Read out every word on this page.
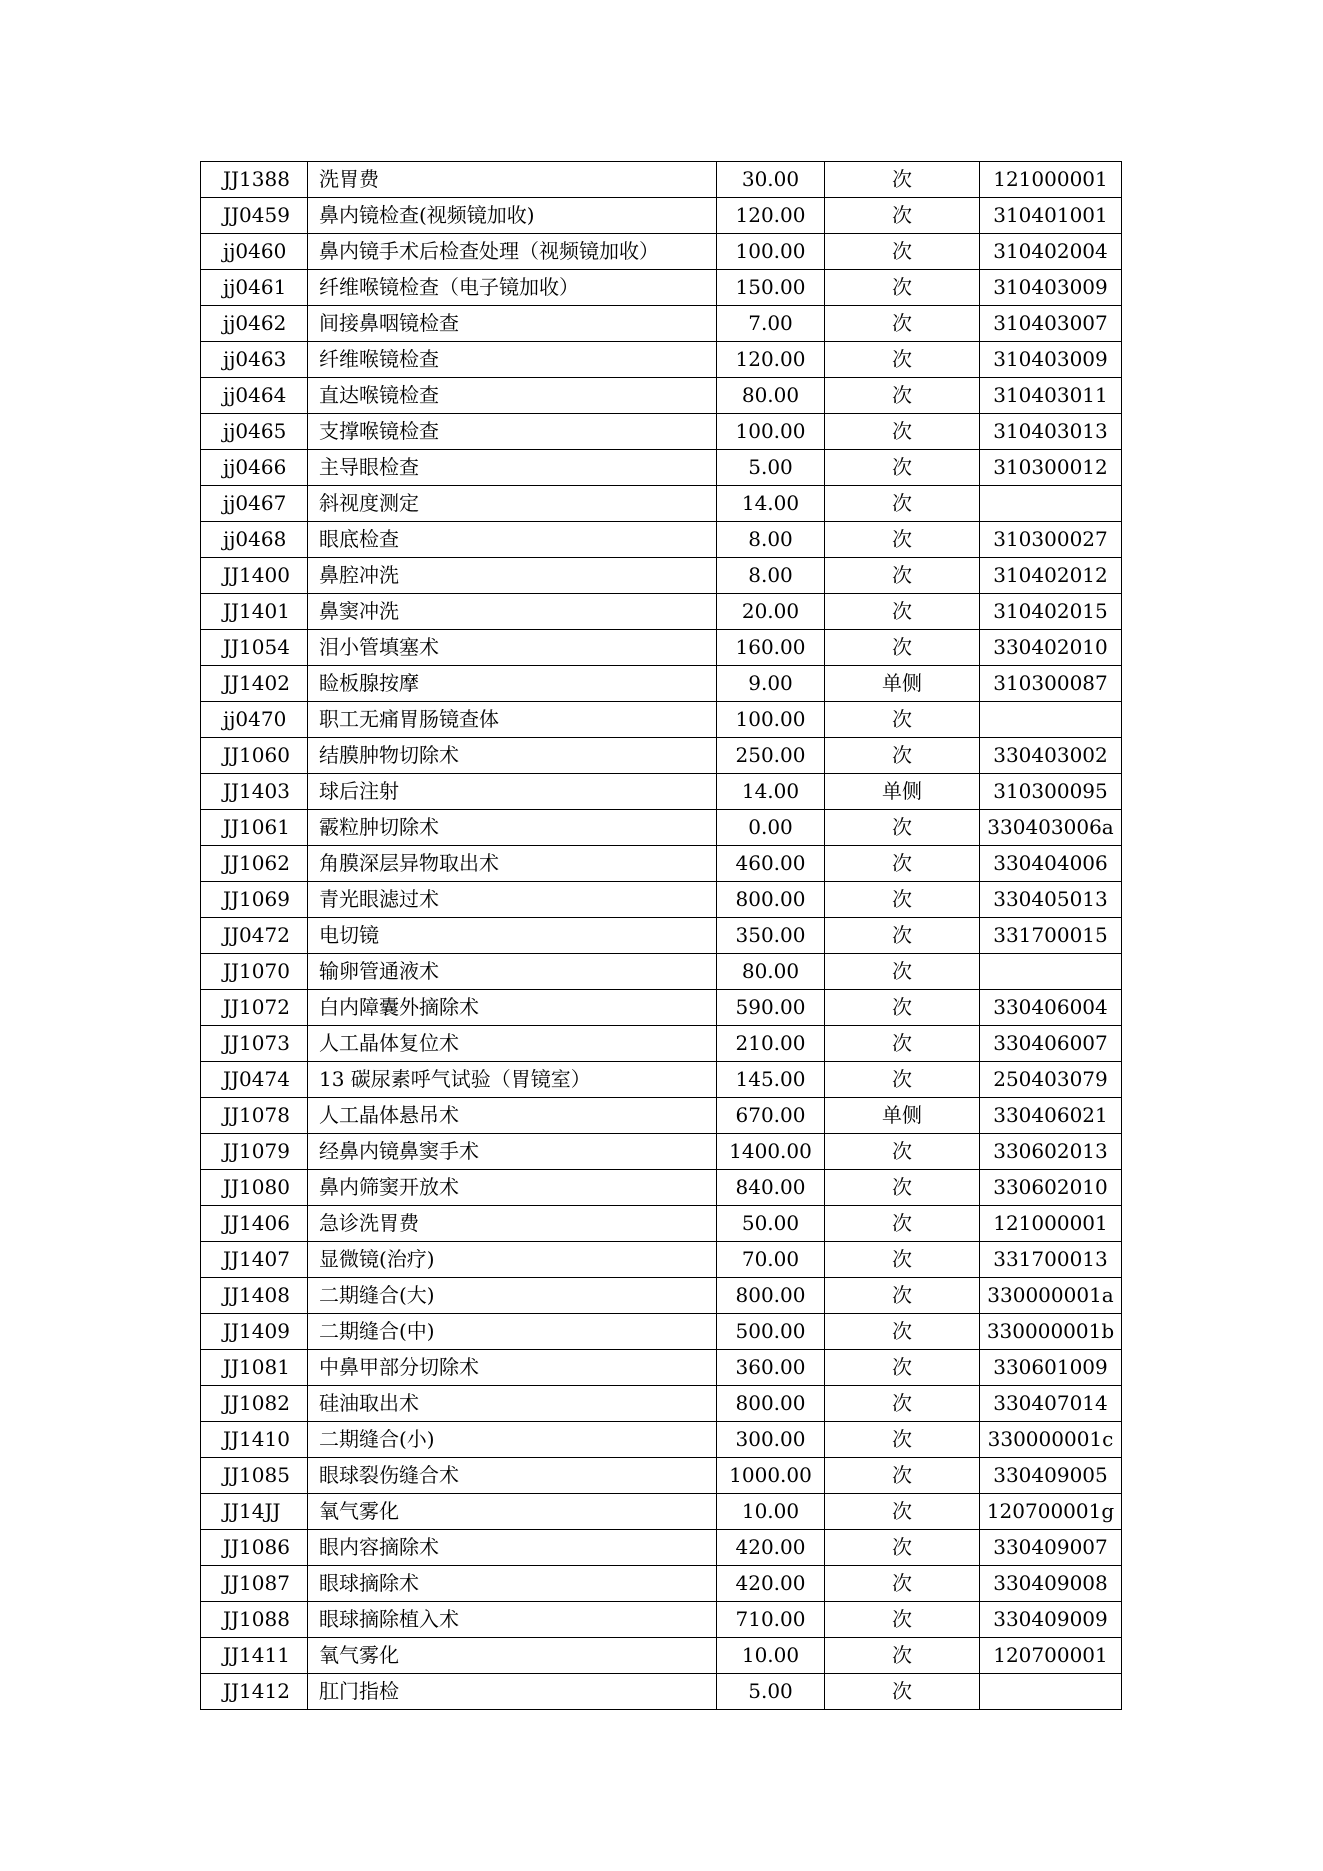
JJ1388	洗胃费	30.00	次	121000001
JJ0459	鼻内镜检查(视频镜加收)	120.00	次	310401001
jj0460	鼻内镜手术后检查处理（视频镜加收）	100.00	次	310402004
jj0461	纤维喉镜检查（电子镜加收）	150.00	次	310403009
jj0462	间接鼻咽镜检查	7.00	次	310403007
jj0463	纤维喉镜检查	120.00	次	310403009
jj0464	直达喉镜检查	80.00	次	310403011
jj0465	支撑喉镜检查	100.00	次	310403013
jj0466	主导眼检查	5.00	次	310300012
jj0467	斜视度测定	14.00	次	
jj0468	眼底检查	8.00	次	310300027
JJ1400	鼻腔冲洗	8.00	次	310402012
JJ1401	鼻窦冲洗	20.00	次	310402015
JJ1054	泪小管填塞术	160.00	次	330402010
JJ1402	睑板腺按摩	9.00	单侧	310300087
jj0470	职工无痛胃肠镜查体	100.00	次	
JJ1060	结膜肿物切除术	250.00	次	330403002
JJ1403	球后注射	14.00	单侧	310300095
JJ1061	霰粒肿切除术	0.00	次	330403006a
JJ1062	角膜深层异物取出术	460.00	次	330404006
JJ1069	青光眼滤过术	800.00	次	330405013
JJ0472	电切镜	350.00	次	331700015
JJ1070	输卵管通液术	80.00	次	
JJ1072	白内障囊外摘除术	590.00	次	330406004
JJ1073	人工晶体复位术	210.00	次	330406007
JJ0474	13 碳尿素呼气试验（胃镜室）	145.00	次	250403079
JJ1078	人工晶体悬吊术	670.00	单侧	330406021
JJ1079	经鼻内镜鼻窦手术	1400.00	次	330602013
JJ1080	鼻内筛窦开放术	840.00	次	330602010
JJ1406	急诊洗胃费	50.00	次	121000001
JJ1407	显微镜(治疗)	70.00	次	331700013
JJ1408	二期缝合(大)	800.00	次	330000001a
JJ1409	二期缝合(中)	500.00	次	330000001b
JJ1081	中鼻甲部分切除术	360.00	次	330601009
JJ1082	硅油取出术	800.00	次	330407014
JJ1410	二期缝合(小)	300.00	次	330000001c
JJ1085	眼球裂伤缝合术	1000.00	次	330409005
JJ14JJ	氧气雾化	10.00	次	120700001g
JJ1086	眼内容摘除术	420.00	次	330409007
JJ1087	眼球摘除术	420.00	次	330409008
JJ1088	眼球摘除植入术	710.00	次	330409009
JJ1411	氧气雾化	10.00	次	120700001
JJ1412	肛门指检	5.00	次	
